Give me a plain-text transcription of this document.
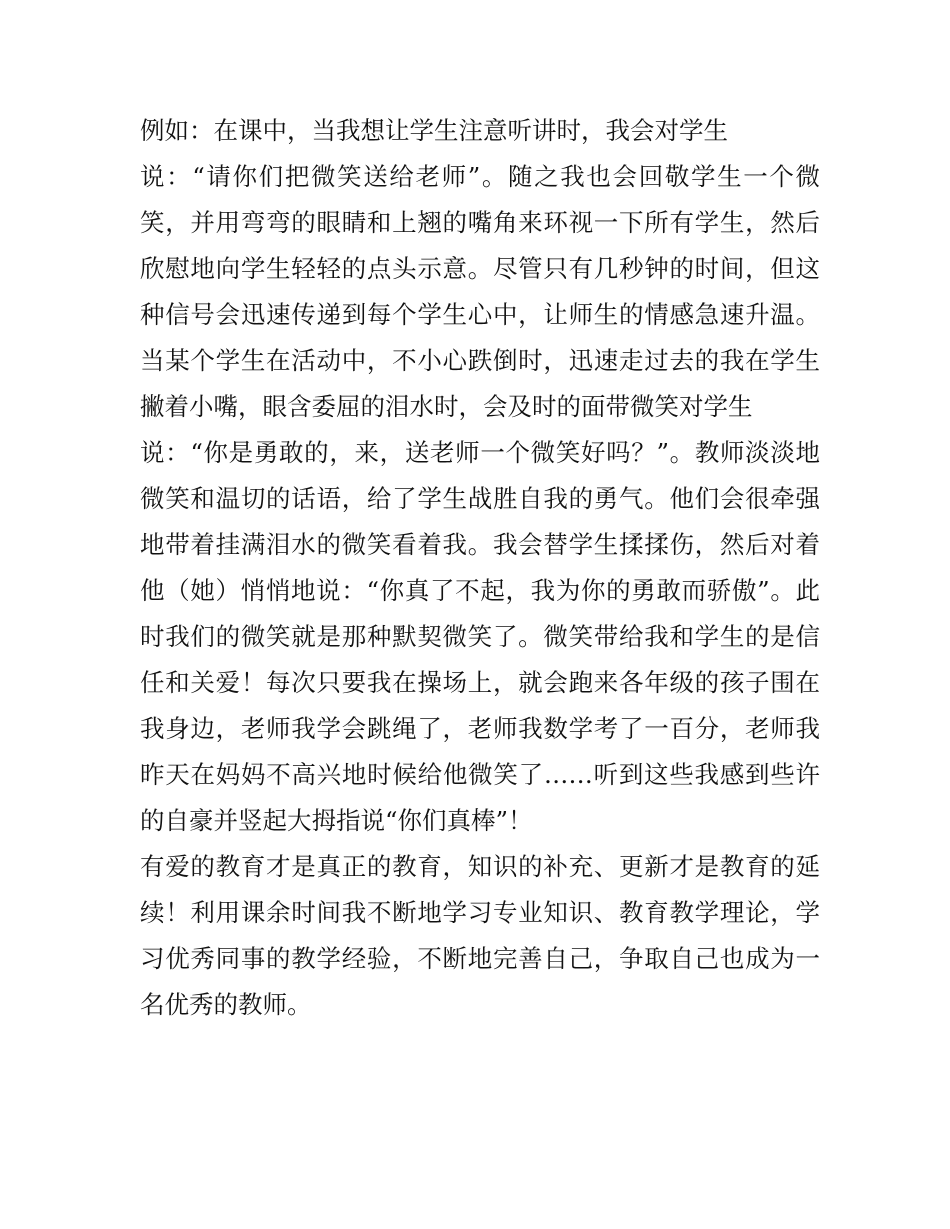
例如：在课中，当我想让学生注意听讲时，我会对学生
说：“请你们把微笑送给老师”。随之我也会回敬学生一个微
笑，并用弯弯的眼睛和上翘的嘴角来环视一下所有学生，然后
欣慰地向学生轻轻的点头示意。尽管只有几秒钟的时间，但这
种信号会迅速传递到每个学生心中，让师生的情感急速升温。
当某个学生在活动中，不小心跌倒时，迅速走过去的我在学生
撇着小嘴，眼含委屈的泪水时，会及时的面带微笑对学生
说：“你是勇敢的，来，送老师一个微笑好吗？”。教师淡淡地
微笑和温切的话语，给了学生战胜自我的勇气。他们会很牵强
地带着挂满泪水的微笑看着我。我会替学生揉揉伤，然后对着
他（她）悄悄地说：“你真了不起，我为你的勇敢而骄傲”。此
时我们的微笑就是那种默契微笑了。微笑带给我和学生的是信
任和关爱！每次只要我在操场上，就会跑来各年级的孩子围在
我身边，老师我学会跳绳了，老师我数学考了一百分，老师我
昨天在妈妈不高兴地时候给他微笑了……听到这些我感到些许
的自豪并竖起大拇指说“你们真棒”！
有爱的教育才是真正的教育，知识的补充、更新才是教育的延
续！利用课余时间我不断地学习专业知识、教育教学理论，学
习优秀同事的教学经验，不断地完善自己，争取自己也成为一
名优秀的教师。
